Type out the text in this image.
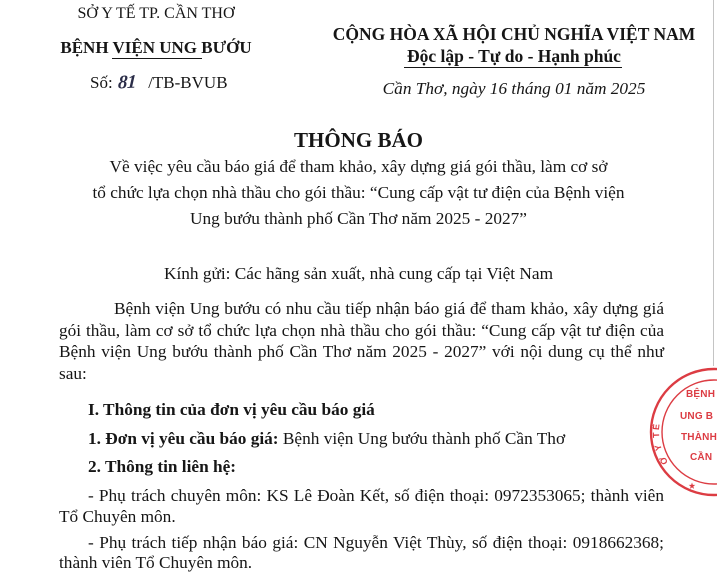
SỞ Y TẾ TP. CẦN THƠ
BỆNH VIỆN UNG BƯỚU
Số: 81 /TB-BVUB
CỘNG HÒA XÃ HỘI CHỦ NGHĨA VIỆT NAM
Độc lập - Tự do - Hạnh phúc
Cần Thơ, ngày 16 tháng 01 năm 2025
THÔNG BÁO
Về việc yêu cầu báo giá để tham khảo, xây dựng giá gói thầu, làm cơ sở
tổ chức lựa chọn nhà thầu cho gói thầu: “Cung cấp vật tư điện của Bệnh viện
Ung bướu thành phố Cần Thơ năm 2025 - 2027”
Kính gửi: Các hãng sản xuất, nhà cung cấp tại Việt Nam
Bệnh viện Ung bướu có nhu cầu tiếp nhận báo giá để tham khảo, xây dựng giá
gói thầu, làm cơ sở tổ chức lựa chọn nhà thầu cho gói thầu: “Cung cấp vật tư điện của
Bệnh viện Ung bướu thành phố Cần Thơ năm 2025 - 2027” với nội dung cụ thể như
sau:
I. Thông tin của đơn vị yêu cầu báo giá
1. Đơn vị yêu cầu báo giá: Bệnh viện Ung bướu thành phố Cần Thơ
2. Thông tin liên hệ:
- Phụ trách chuyên môn: KS Lê Đoàn Kết, số điện thoại: 0972353065; thành viên
Tổ Chuyên môn.
- Phụ trách tiếp nhận báo giá: CN Nguyễn Việt Thùy, số điện thoại: 0918662368;
thành viên Tổ Chuyên môn.
Ở Y TẾ
BỆNH
UNG B
THÀNH
CẦN
